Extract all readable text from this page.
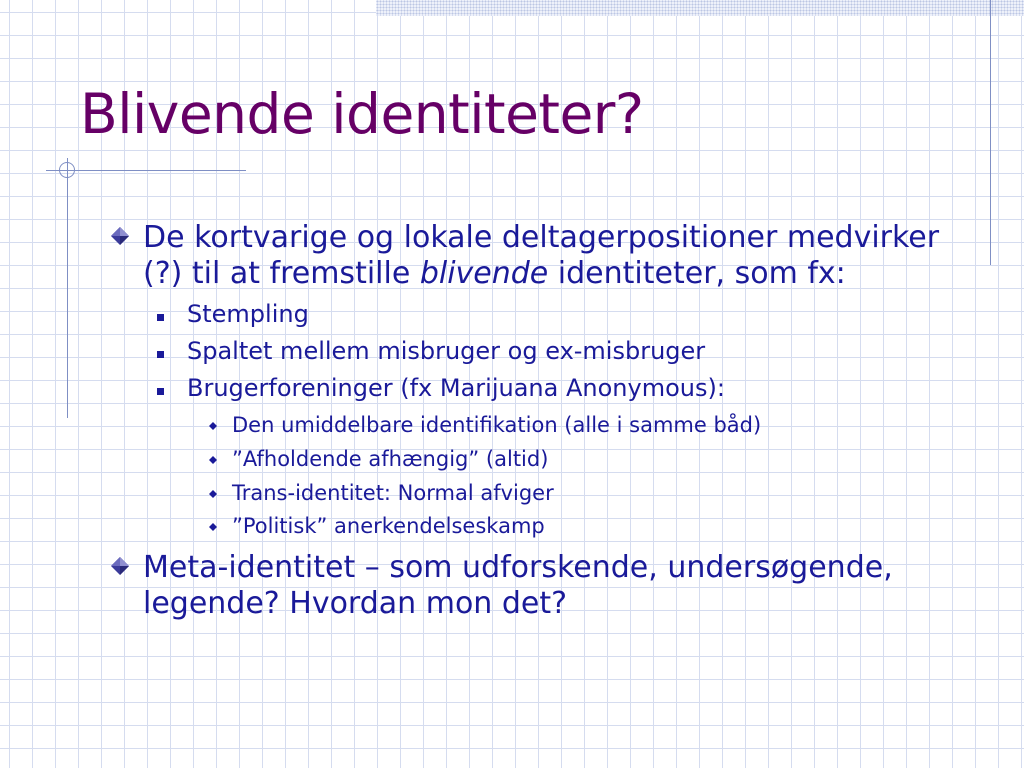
Blivende identiteter?
De kortvarige og lokale deltagerpositioner medvirker (?) til at fremstille blivende identiteter, som fx:
Stempling
Spaltet mellem misbruger og ex-misbruger
Brugerforeninger (fx Marijuana Anonymous):
Den umiddelbare identifikation (alle i samme båd)
”Afholdende afhængig” (altid)
Trans-identitet: Normal afviger
”Politisk” anerkendelseskamp
Meta-identitet – som udforskende, undersøgende, legende? Hvordan mon det?
